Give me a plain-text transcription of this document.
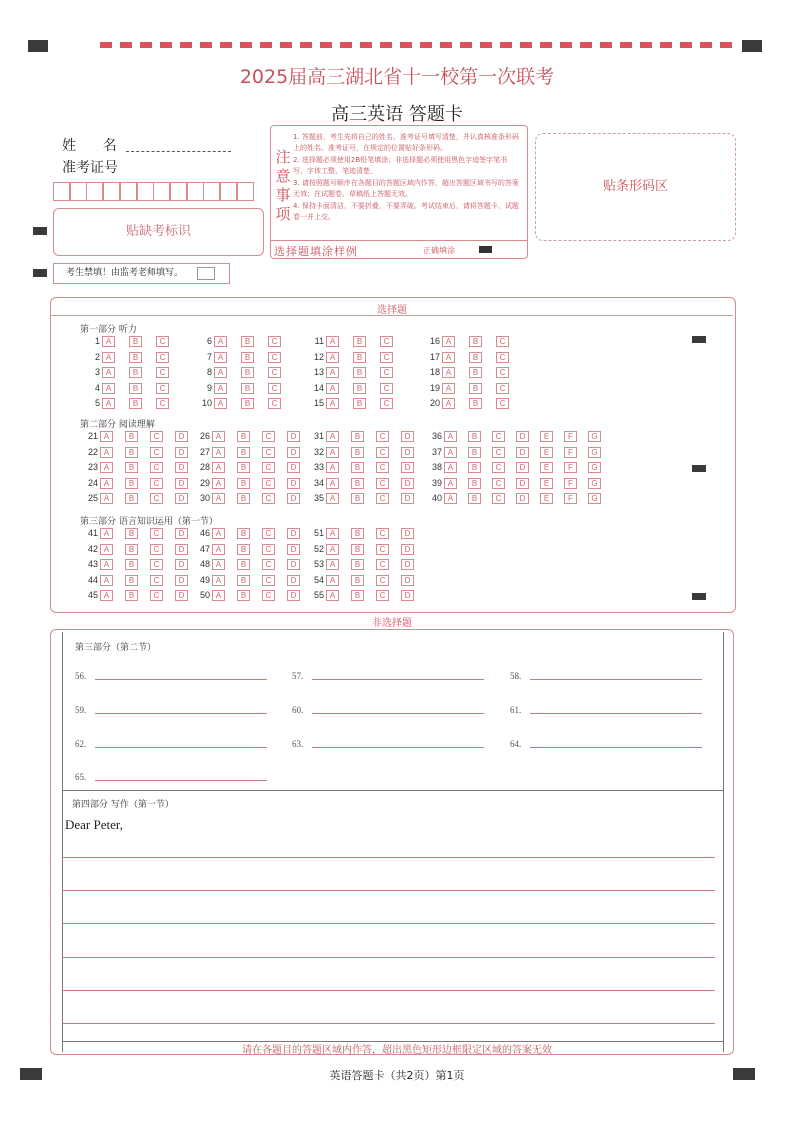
2025届高三湖北省十一校第一次联考
高三英语 答题卡
姓      名
准考证号
贴缺考标识
考生禁填！由监考老师填写。
注
意
事
项
1. 答题前，考生先将自己的姓名、准考证号填写清楚，并认真核准条形码上的姓名、准考证号，在规定的位置贴好条形码。
2. 选择题必须使用2B铅笔填涂；非选择题必须使用黑色字迹签字笔书写，字体工整、笔迹清楚。
3. 请按照题号顺序在各题目的答题区域内作答，超出答题区域书写的答案无效；在试题卷、草稿纸上答题无效。
4. 保持卡面清洁，不要折叠，不要弄破。考试结束后，请将答题卡、试题卷一并上交。
选择题填涂样例	正确填涂
贴条形码区
选择题
第一部分 听力
1 A	B	C
2 A	B	C
3 A	B	C
4 A	B	C
5 A	B	C
6 A	B	C
7 A	B	C
8 A	B	C
9 A	B	C
10 A	B	C
11 A	B	C
12 A	B	C
13 A	B	C
14 A	B	C
15 A	B	C
16 A	B	C
17 A	B	C
18 A	B	C
19 A	B	C
20 A	B	C
第二部分 阅读理解
21 A	B	C	D
22 A	B	C	D
23 A	B	C	D
24 A	B	C	D
25 A	B	C	D
26 A	B	C	D
27 A	B	C	D
28 A	B	C	D
29 A	B	C	D
30 A	B	C	D
31 A	B	C	D
32 A	B	C	D
33 A	B	C	D
34 A	B	C	D
35 A	B	C	D
36 A	B	C	D	E	F	G
37 A	B	C	D	E	F	G
38 A	B	C	D	E	F	G
39 A	B	C	D	E	F	G
40 A	B	C	D	E	F	G
第三部分 语言知识运用（第一节）
41 A	B	C	D
42 A	B	C	D
43 A	B	C	D
44 A	B	C	D
45 A	B	C	D
46 A	B	C	D
47 A	B	C	D
48 A	B	C	D
49 A	B	C	D
50 A	B	C	D
51 A	B	C	D
52 A	B	C	D
53 A	B	C	D
54 A	B	C	D
55 A	B	C	D
非选择题
第三部分（第二节）
56.	57.	58.
59.	60.	61.
62.	63.	64.
65.
第四部分 写作（第一节）
Dear Peter,
请在各题目的答题区域内作答，超出黑色矩形边框限定区域的答案无效
英语答题卡（共2页）第1页
